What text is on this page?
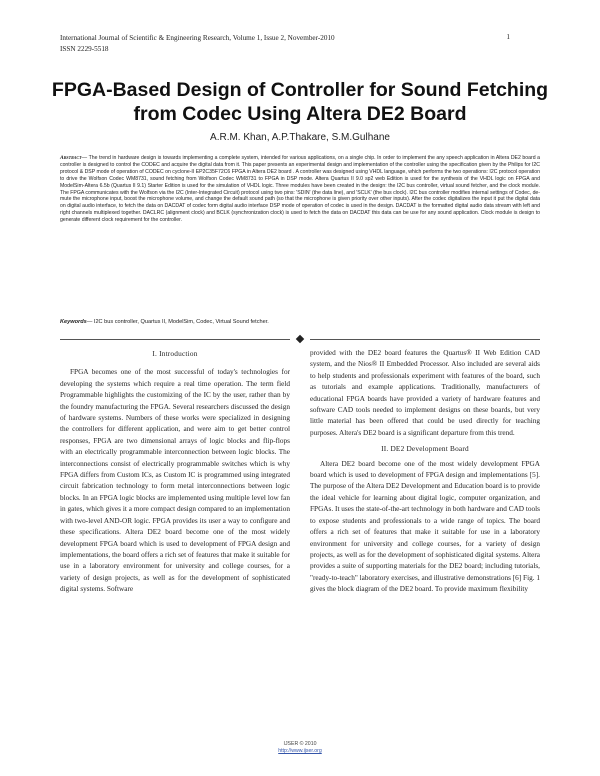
International Journal of Scientific & Engineering Research, Volume 1, Issue 2, November-2010
ISSN 2229-5518
1
FPGA-Based Design of Controller for Sound Fetching from Codec Using Altera DE2 Board
A.R.M. Khan, A.P.Thakare, S.M.Gulhane
Abstract— The trend in hardware design is towards implementing a complete system, intended for various applications, on a single chip. In order to implement the any speech application in Altera DE2 board a controller is designed to control the CODEC and acquire the digital data from it. This paper presents an experimental design and implementation of the controller using the specification given by the Philips for I2C protocol & DSP mode of operation of CODEC on cyclone-II EP2C35F72C6 FPGA in Altera DE2 board . A controller was designed using VHDL language, which performs the two operations: I2C protocol operation to drive the Wolfson Codec WM8731, sound fetching from Wolfson Codec WM8731 to FPGA in DSP mode. Altera Quartus II 9.0 sp2 web Edition is used for the synthesis of the VHDL logic on FPGA and ModelSim-Altera 6.5b (Quartus II 9.1) Starter Edition is used for the simulation of VHDL logic. Three modules have been created in the design: the I2C bus controller, virtual sound fetcher, and the clock module. The FPGA communicates with the Wolfson via the I2C (Inter-Integrated Circuit) protocol using two pins: 'SDIN' (the data line), and 'SCLK' (the bus clock). I2C bus controller modifies internal settings of Codec, de-mute the microphone input, boost the microphone volume, and change the default sound path (so that the microphone is given priority over other inputs). After the codec digitalizes the input it put the digital data on digital audio interface, to fetch the data on DACDAT of codec form digital audio interface DSP mode of operation of codec is used in the design. DACDAT is the formatted digital audio data stream with left and right channels multiplexed together. DACLRC (alignment clock) and BCLK (synchronization clock) is used to fetch the data on DACDAT this data can be use for any sound application. Clock module is design to generate different clock requirement for the controller.
Keywords— I2C bus controller, Quartus II, ModelSim, Codec, Virtual Sound fetcher.
I. Introduction

FPGA becomes one of the most successful of today's technologies for developing the systems which require a real time operation. The term field Programmable highlights the customizing of the IC by the user, rather than by the foundry manufacturing the FPGA. Several researchers discussed the design of hardware systems. Numbers of these works were specialized in designing the controllers for different application, and were aim to get better control responses, FPGA are two dimensional arrays of logic blocks and flip-flops with an electrically programmable interconnection between logic blocks. The interconnections consist of electrically programmable switches which is why FPGA differs from Custom ICs, as Custom IC is programmed using integrated circuit fabrication technology to form metal interconnections between logic blocks. In an FPGA logic blocks are implemented using multiple level low fan in gates, which gives it a more compact design compared to an implementation with two-level AND-OR logic. FPGA provides its user a way to configure and these specifications. Altera DE2 board become one of the most widely development FPGA board which is used to development of FPGA design and implementations, the board offers a rich set of features that make it suitable for use in a laboratory environment for university and college courses, for a variety of design projects, as well as for the development of sophisticated digital systems. Software

provided with the DE2 board features the Quartus® II Web Edition CAD system, and the Nios® II Embedded Processor. Also included are several aids to help students and professionals experiment with features of the board, such as tutorials and example applications. Traditionally, manufacturers of educational FPGA boards have provided a variety of hardware features and software CAD tools needed to implement designs on these boards, but very little material has been offered that could be used directly for teaching purposes. Altera's DE2 board is a significant departure from this trend.

II. DE2 Development Board

Altera DE2 board become one of the most widely development FPGA board which is used to development of FPGA design and implementations [5]. The purpose of the Altera DE2 Development and Education board is to provide the ideal vehicle for learning about digital logic, computer organization, and FPGAs. It uses the state-of-the-art technology in both hardware and CAD tools to expose students and professionals to a wide range of topics. The board offers a rich set of features that make it suitable for use in a laboratory environment for university and college courses, for a variety of design projects, as well as for the development of sophisticated digital systems. Altera provides a suite of supporting materials for the DE2 board; including tutorials, "ready-to-teach" laboratory exercises, and illustrative demonstrations [6] Fig. 1 gives the block diagram of the DE2 board. To provide maximum flexibility

IJSER © 2010
http://www.ijser.org
